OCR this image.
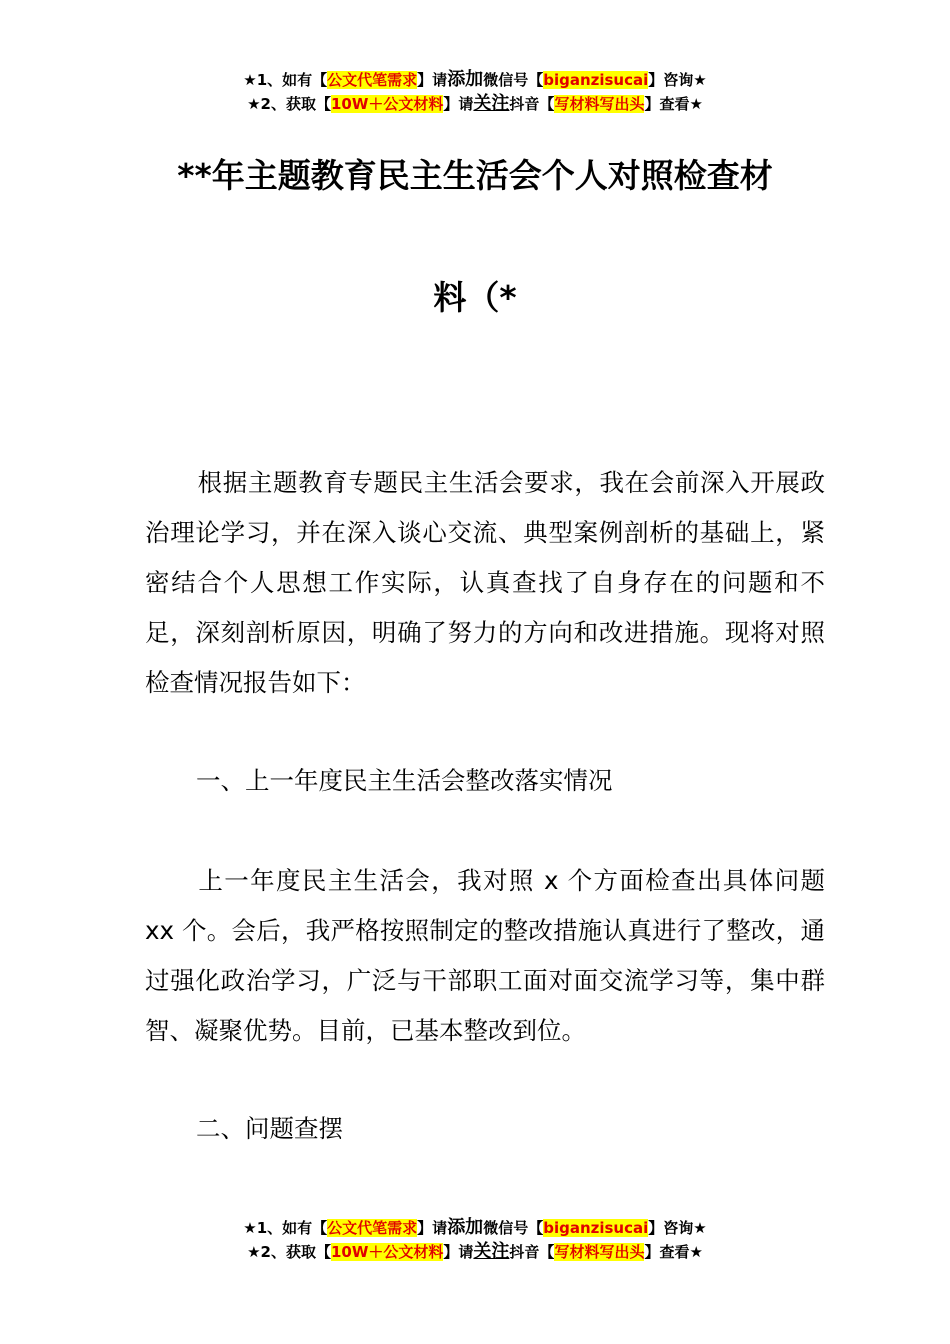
★1、如有【公文代笔需求】请添加微信号【biganzisucai】咨询★
★2、获取【10W＋公文材料】请关注抖音【写材料写出头】查看★
**年主题教育民主生活会个人对照检查材
料（*

根据主题教育专题民主生活会要求，我在会前深入开展政治理论学习，并在深入谈心交流、典型案例剖析的基础上，紧密结合个人思想工作实际，认真查找了自身存在的问题和不足，深刻剖析原因，明确了努力的方向和改进措施。现将对照检查情况报告如下：

一、上一年度民主生活会整改落实情况

上一年度民主生活会，我对照 x 个方面检查出具体问题 xx 个。会后，我严格按照制定的整改措施认真进行了整改，通过强化政治学习，广泛与干部职工面对面交流学习等，集中群智、凝聚优势。目前，已基本整改到位。

二、问题查摆

★1、如有【公文代笔需求】请添加微信号【biganzisucai】咨询★
★2、获取【10W＋公文材料】请关注抖音【写材料写出头】查看★
